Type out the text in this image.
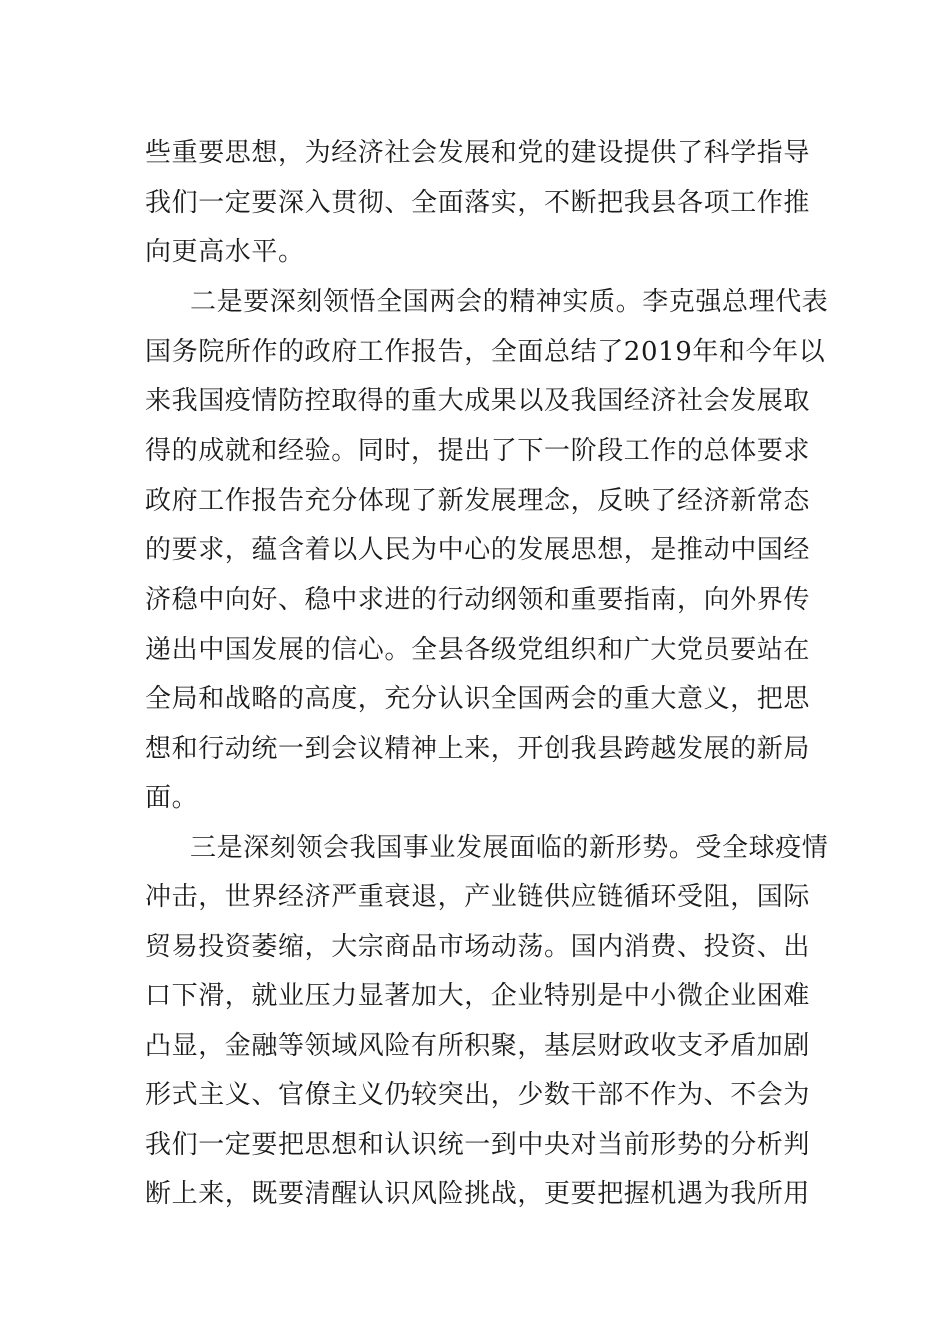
些重要思想，为经济社会发展和党的建设提供了科学指导
我们一定要深入贯彻、全面落实，不断把我县各项工作推
向更高水平。
二是要深刻领悟全国两会的精神实质。李克强总理代表
国务院所作的政府工作报告，全面总结了2019年和今年以
来我国疫情防控取得的重大成果以及我国经济社会发展取
得的成就和经验。同时，提出了下一阶段工作的总体要求
政府工作报告充分体现了新发展理念，反映了经济新常态
的要求，蕴含着以人民为中心的发展思想，是推动中国经
济稳中向好、稳中求进的行动纲领和重要指南，向外界传
递出中国发展的信心。全县各级党组织和广大党员要站在
全局和战略的高度，充分认识全国两会的重大意义，把思
想和行动统一到会议精神上来，开创我县跨越发展的新局
面。
三是深刻领会我国事业发展面临的新形势。受全球疫情
冲击，世界经济严重衰退，产业链供应链循环受阻，国际
贸易投资萎缩，大宗商品市场动荡。国内消费、投资、出
口下滑，就业压力显著加大，企业特别是中小微企业困难
凸显，金融等领域风险有所积聚，基层财政收支矛盾加剧
形式主义、官僚主义仍较突出，少数干部不作为、不会为
我们一定要把思想和认识统一到中央对当前形势的分析判
断上来，既要清醒认识风险挑战，更要把握机遇为我所用
